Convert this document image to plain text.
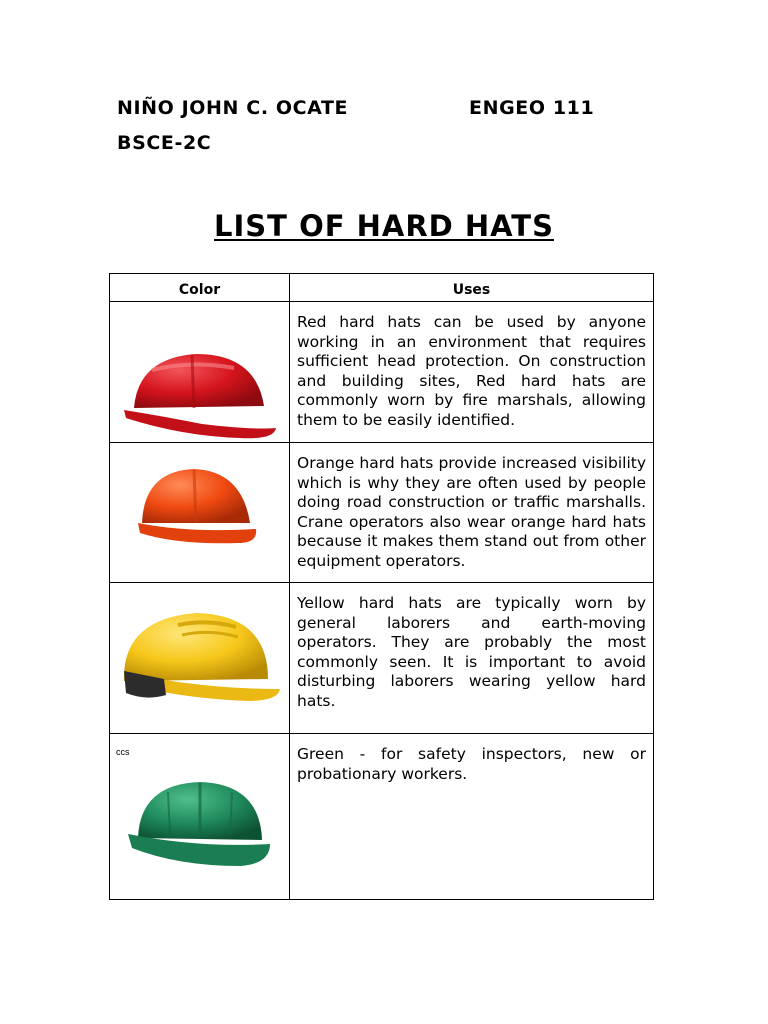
NIÑO JOHN C. OCATE	ENGEO 111
BSCE-2C
LIST OF HARD HATS
Color	Uses

	Red hard hats can be used by anyone working in an environment that requires sufficient head protection. On construction and building sites, Red hard hats are commonly worn by fire marshals, allowing them to be easily identified.

	Orange hard hats provide increased visibility which is why they are often used by people doing road construction or traffic marshalls. Crane operators also wear orange hard hats because it makes them stand out from other equipment operators.

	Yellow hard hats are typically worn by general laborers and earth-moving operators. They are probably the most commonly seen. It is important to avoid disturbing laborers wearing yellow hard hats.

ccs	Green - for safety inspectors, new or probationary workers.
